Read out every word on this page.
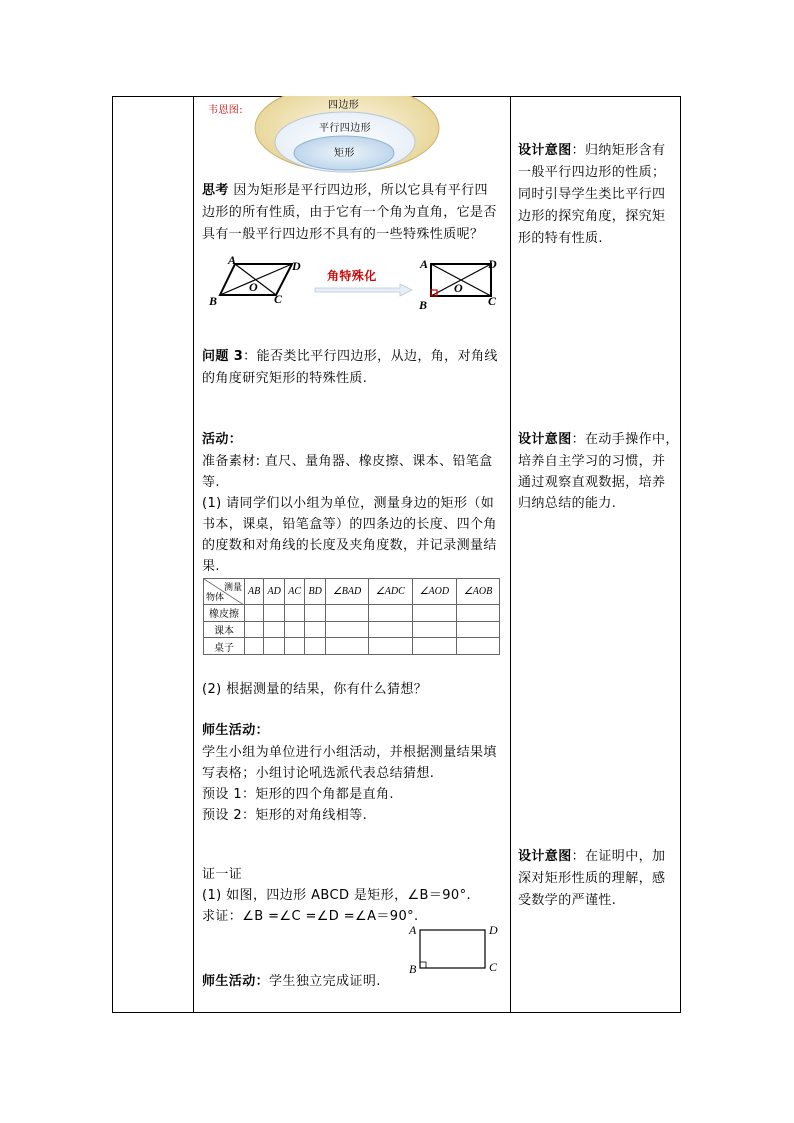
韦恩图:	四边形
平行四边形
矩形
思考 因为矩形是平行四边形，所以它具有平行四
边形的所有性质，由于它有一个角为直角，它是否
具有一般平行四边形不具有的一些特殊性质呢？
A	D
O
B	C
角特殊化
A	D
O
B	C
问题 3：能否类比平行四边形，从边，角，对角线
的角度研究矩形的特殊性质.
活动：
准备素材: 直尺、量角器、橡皮擦、课本、铅笔盒
等.
(1) 请同学们以小组为单位，测量身边的矩形（如
书本，课桌，铅笔盒等）的四条边的长度、四个角
的度数和对角线的长度及夹角度数，并记录测量结
果.
测量
物体	AB	AD	AC	BD	∠BAD	∠ADC	∠AOD	∠AOB
橡皮擦								
课本								
桌子								
(2) 根据测量的结果，你有什么猜想？
师生活动：
学生小组为单位进行小组活动，并根据测量结果填
写表格；小组讨论吼选派代表总结猜想.
预设 1：矩形的四个角都是直角.
预设 2：矩形的对角线相等.
证一证
(1) 如图，四边形 ABCD 是矩形，∠B＝90°.
求证：∠B =∠C =∠D =∠A＝90°.
A	D
B	C
师生活动：学生独立完成证明.
设计意图：归纳矩形含有
一般平行四边形的性质；
同时引导学生类比平行四
边形的探究角度，探究矩
形的特有性质.
设计意图：在动手操作中，
培养自主学习的习惯，并
通过观察直观数据，培养
归纳总结的能力.
设计意图：在证明中，加
深对矩形性质的理解，感
受数学的严谨性.
